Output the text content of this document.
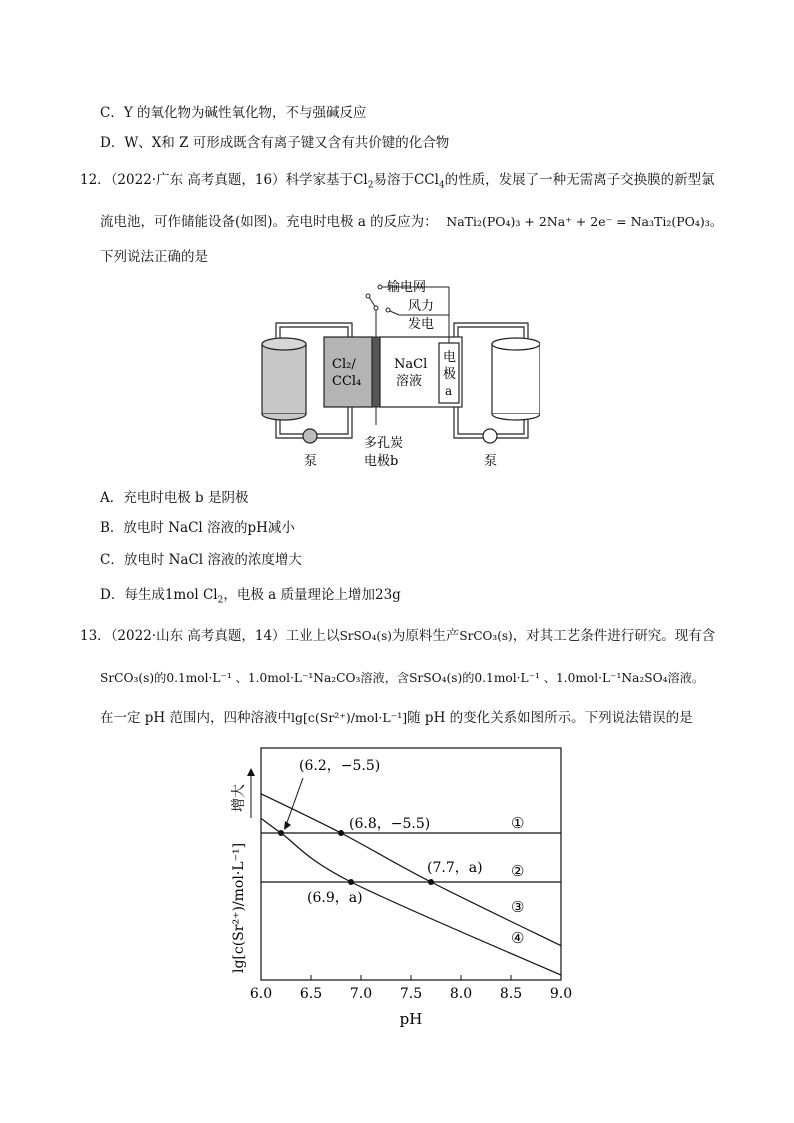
C．Y 的氧化物为碱性氧化物，不与强碱反应
D．W、X和 Z 可形成既含有离子键又含有共价键的化合物
12．（2022·广东 高考真题，16）科学家基于$Cl_2$易溶于CCl$_4$的性质，发展了一种无需离子交换膜的新型氯
流电池，可作储能设备(如图)。充电时电极 a 的反应为： NaTi₂(PO₄)₃ + 2Na⁺ + 2e⁻ = Na₃Ti₂(PO₄)₃。
下列说法正确的是
泵
Cl₂/
CCl₄
NaCl
溶液
电
极
a
输电网
风力
发电
泵
多孔炭
电极b
A．充电时电极 b 是阴极
B．放电时 NaCl 溶液的pH减小
C．放电时 NaCl 溶液的浓度增大
D．每生成1mol $Cl_2$，电极 a 质量理论上增加23g
13．（2022·山东 高考真题，14）工业上以SrSO₄(s)为原料生产SrCO₃(s)，对其工艺条件进行研究。现有含
SrCO₃(s)的0.1mol·L⁻¹ 、1.0mol·L⁻¹Na₂CO₃溶液，含SrSO₄(s)的0.1mol·L⁻¹ 、1.0mol·L⁻¹Na₂SO₄溶液。
在一定 pH 范围内，四种溶液中lg[c(Sr²⁺)/mol·L⁻¹]随 pH 的变化关系如图所示。下列说法错误的是
6.0 6.5 7.0 7.5 8.0 8.5 9.0
pH
lg[c(Sr²⁺)/mol·L⁻¹]
增大
①
②
③
④
(6.2，−5.5)
(6.8，−5.5)
(7.7，a)
(6.9，a)
